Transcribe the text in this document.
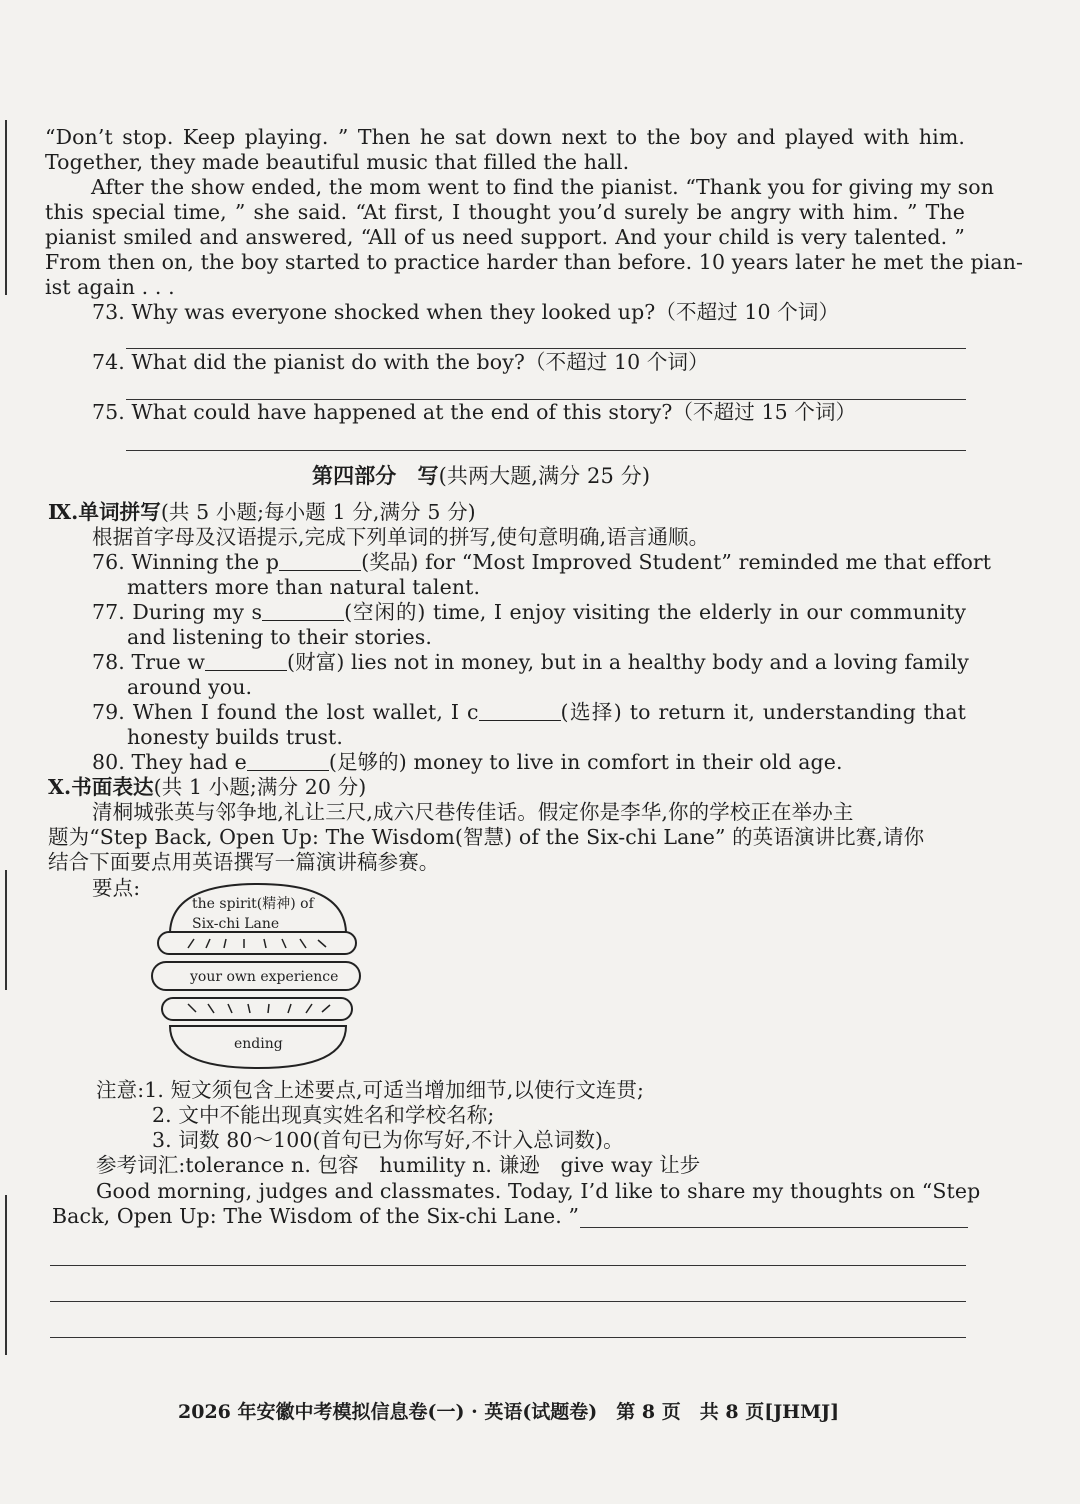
“Don’t stop. Keep playing. ” Then he sat down next to the boy and played with him.
Together, they made beautiful music that filled the hall.
After the show ended, the mom went to find the pianist. “Thank you for giving my son
this special time, ” she said. “At first, I thought you’d surely be angry with him. ” The
pianist smiled and answered, “All of us need support. And your child is very talented. ”
From then on, the boy started to practice harder than before. 10 years later he met the pian-
ist again . . .
73. Why was everyone shocked when they looked up?（不超过 10 个词）
74. What did the pianist do with the boy?（不超过 10 个词）
75. What could have happened at the end of this story?（不超过 15 个词）
第四部分　写(共两大题,满分 25 分)
Ⅸ.单词拼写(共 5 小题;每小题 1 分,满分 5 分)
根据首字母及汉语提示,完成下列单词的拼写,使句意明确,语言通顺。
76. Winning the p	(奖品) for “Most Improved Student” reminded me that effort
matters more than natural talent.
77. During my s	(空闲的) time, I enjoy visiting the elderly in our community
and listening to their stories.
78. True w	(财富) lies not in money, but in a healthy body and a loving family
around you.
79. When I found the lost wallet, I c	(选择) to return it, understanding that
honesty builds trust.
80. They had e	(足够的) money to live in comfort in their old age.
Ⅹ.书面表达(共 1 小题;满分 20 分)
清桐城张英与邻争地,礼让三尺,成六尺巷传佳话。假定你是李华,你的学校正在举办主
题为“Step Back, Open Up: The Wisdom(智慧) of the Six-chi Lane” 的英语演讲比赛,请你
结合下面要点用英语撰写一篇演讲稿参赛。
要点:
the spirit(精神) of
Six-chi Lane
your own experience
ending
注意:1. 短文须包含上述要点,可适当增加细节,以使行文连贯;
2. 文中不能出现真实姓名和学校名称;
3. 词数 80～100(首句已为你写好,不计入总词数)。
参考词汇:tolerance n. 包容　humility n. 谦逊　give way 让步
Good morning, judges and classmates. Today, I’d like to share my thoughts on “Step
Back, Open Up: The Wisdom of the Six-chi Lane. ”
2026 年安徽中考模拟信息卷(一) · 英语(试题卷)　第 8 页　共 8 页[JHMJ]
